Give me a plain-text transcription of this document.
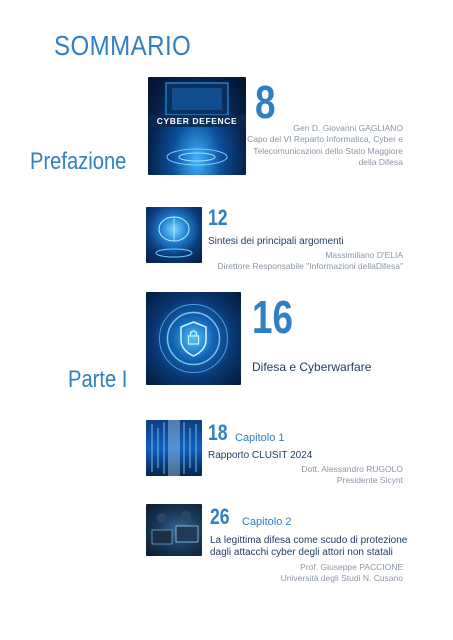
SOMMARIO
Prefazione
CYBER DEFENCE 8	Gen D. Giovanni GAGLIANO
Capo del VI Reparto Informatica, Cyber e
Telecomunicazioni dello Stato Maggiore
della Difesa
12
Sintesi dei principali argomenti
Massimiliano D'ELIA
Direttore Responsabile "Informazioni dellaDifesa"
Parte I
16
Difesa e Cyberwarfare
18 Capitolo 1
Rapporto CLUSIT 2024
Dott. Alessandro RUGOLO
Presidente Sicynt
26 Capitolo 2
La legittima difesa come scudo di protezione
dagli attacchi cyber degli attori non statali
Prof. Giuseppe PACCIONE
Università degli Studi N. Cusano
